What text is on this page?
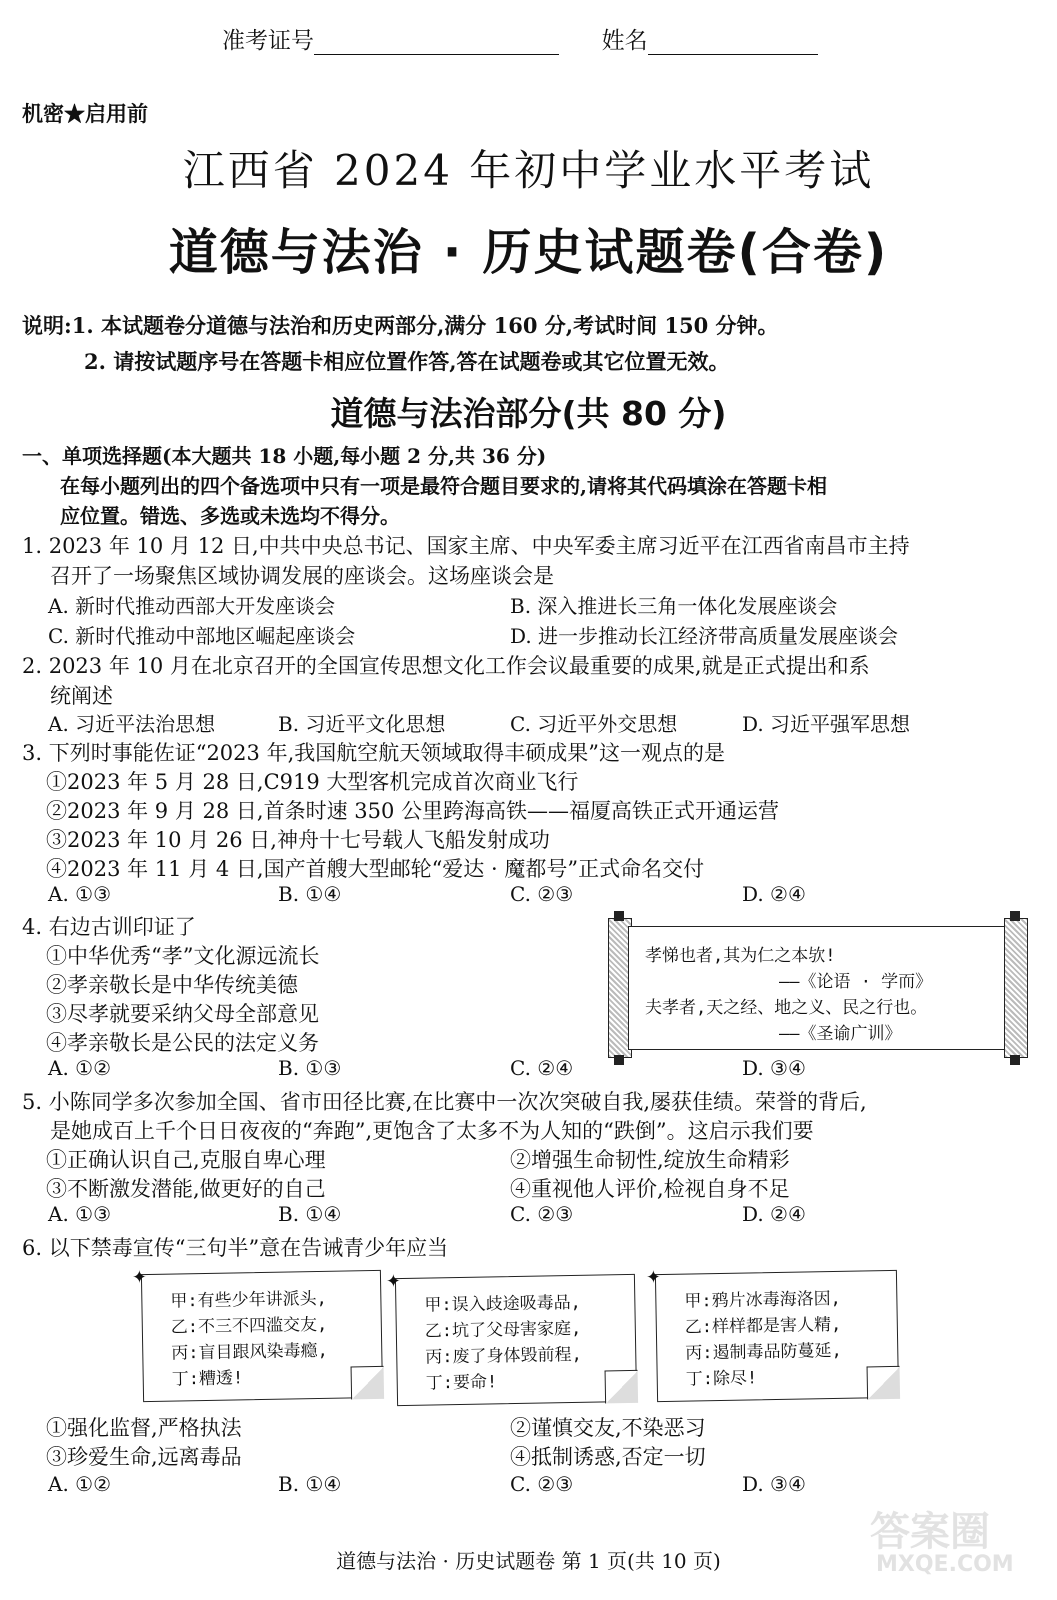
准考证号	姓名
机密★启用前
江西省 2024 年初中学业水平考试
道德与法治 · 历史试题卷(合卷)
说明:1. 本试题卷分道德与法治和历史两部分,满分 160 分,考试时间 150 分钟。
2. 请按试题序号在答题卡相应位置作答,答在试题卷或其它位置无效。
道德与法治部分(共 80 分)
一、单项选择题(本大题共 18 小题,每小题 2 分,共 36 分)
在每小题列出的四个备选项中只有一项是最符合题目要求的,请将其代码填涂在答题卡相
应位置。错选、多选或未选均不得分。
1. 2023 年 10 月 12 日,中共中央总书记、国家主席、中央军委主席习近平在江西省南昌市主持
召开了一场聚焦区域协调发展的座谈会。这场座谈会是
A. 新时代推动西部大开发座谈会	B. 深入推进长三角一体化发展座谈会
C. 新时代推动中部地区崛起座谈会	D. 进一步推动长江经济带高质量发展座谈会
2. 2023 年 10 月在北京召开的全国宣传思想文化工作会议最重要的成果,就是正式提出和系
统阐述
A. 习近平法治思想	B. 习近平文化思想	C. 习近平外交思想	D. 习近平强军思想
3. 下列时事能佐证“2023 年,我国航空航天领域取得丰硕成果”这一观点的是
①2023 年 5 月 28 日,C919 大型客机完成首次商业飞行
②2023 年 9 月 28 日,首条时速 350 公里跨海高铁——福厦高铁正式开通运营
③2023 年 10 月 26 日,神舟十七号载人飞船发射成功
④2023 年 11 月 4 日,国产首艘大型邮轮“爱达 · 魔都号”正式命名交付
A. ①③	B. ①④	C. ②③	D. ②④
4. 右边古训印证了
①中华优秀“孝”文化源远流长
②孝亲敬长是中华传统美德
③尽孝就要采纳父母全部意见
④孝亲敬长是公民的法定义务
A. ①②	B. ①③	C. ②④	D. ③④
孝悌也者,其为仁之本欤!
——《论语 · 学而》
夫孝者,天之经、地之义、民之行也。
——《圣谕广训》
5. 小陈同学多次参加全国、省市田径比赛,在比赛中一次次突破自我,屡获佳绩。荣誉的背后,
是她成百上千个日日夜夜的“奔跑”,更饱含了太多不为人知的“跌倒”。这启示我们要
①正确认识自己,克服自卑心理	②增强生命韧性,绽放生命精彩
③不断激发潜能,做更好的自己	④重视他人评价,检视自身不足
A. ①③	B. ①④	C. ②③	D. ②④
6. 以下禁毒宣传“三句半”意在告诫青少年应当
✦
甲:有些少年讲派头,
乙:不三不四滥交友,
丙:盲目跟风染毒瘾,
丁:糟透!
✦
甲:误入歧途吸毒品,
乙:坑了父母害家庭,
丙:废了身体毁前程,
丁:要命!
✦
甲:鸦片冰毒海洛因,
乙:样样都是害人精,
丙:遏制毒品防蔓延,
丁:除尽!
①强化监督,严格执法	②谨慎交友,不染恶习
③珍爱生命,远离毒品	④抵制诱惑,否定一切
A. ①②	B. ①④	C. ②③	D. ③④
答案圈
MXQE.COM
道德与法治 · 历史试题卷 第 1 页(共 10 页)
